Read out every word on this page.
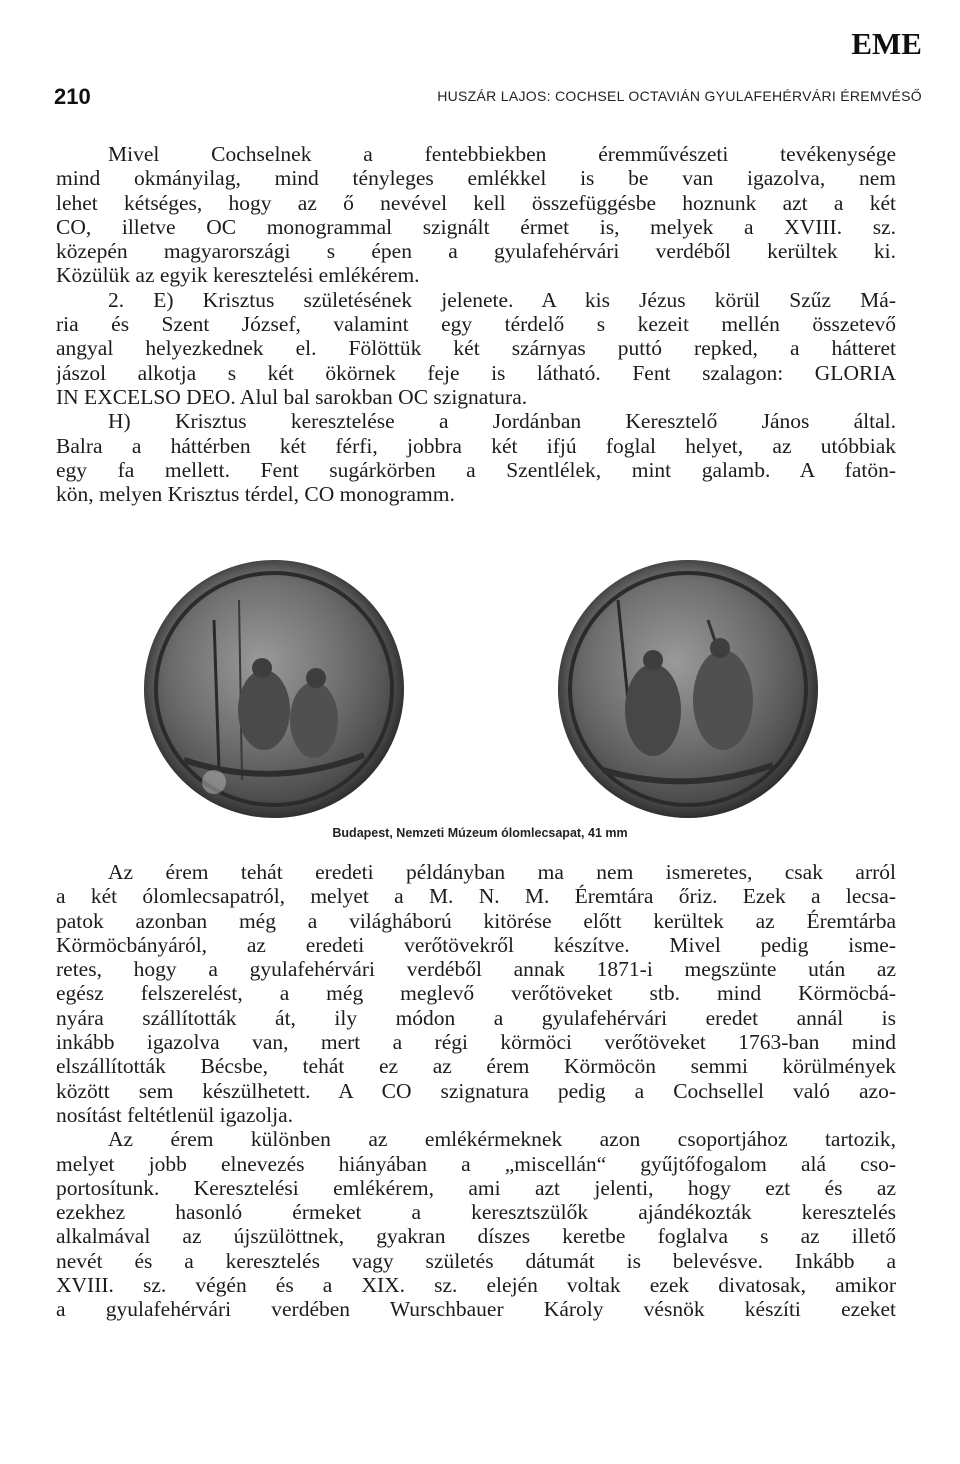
EME
210	HUSZÁR LAJOS: COCHSEL OCTAVIÁN GYULAFEHÉRVÁRI ÉREMVÉSŐ
Mivel Cochselnek a fentebbiekben éremművészeti tevékenysége
mind okmányilag, mind tényleges emlékkel is be van igazolva, nem
lehet kétséges, hogy az ő nevével kell összefüggésbe hoznunk azt a két
CO, illetve OC monogrammal szignált érmet is, melyek a XVIII. sz.
közepén magyarországi s épen a gyulafehérvári verdéből kerültek ki.
Közülük az egyik keresztelési emlékérem.
2. E) Krisztus születésének jelenete. A kis Jézus körül Szűz Má-
ria és Szent József, valamint egy térdelő s kezeit mellén összetevő
angyal helyezkednek el. Fölöttük két szárnyas puttó repked, a hátteret
jászol alkotja s két ökörnek feje is látható. Fent szalagon: GLORIA
IN EXCELSO DEO. Alul bal sarokban OC szignatura.
H) Krisztus keresztelése a Jordánban Keresztelő János által.
Balra a háttérben két férfi, jobbra két ifjú foglal helyet, az utóbbiak
egy fa mellett. Fent sugárkörben a Szentlélek, mint galamb. A fatön-
kön, melyen Krisztus térdel, CO monogramm.
Budapest, Nemzeti Múzeum ólomlecsapat, 41 mm
Az érem tehát eredeti példányban ma nem ismeretes, csak arról
a két ólomlecsapatról, melyet a M. N. M. Éremtára őriz. Ezek a lecsa-
patok azonban még a világháború kitörése előtt kerültek az Éremtárba
Körmöcbányáról, az eredeti verőtövekről készítve. Mivel pedig isme-
retes, hogy a gyulafehérvári verdéből annak 1871-i megszünte után az
egész felszerelést, a még meglevő verőtöveket stb. mind Körmöcbá-
nyára szállították át, ily módon a gyulafehérvári eredet annál is
inkább igazolva van, mert a régi körmöci verőtöveket 1763-ban mind
elszállították Bécsbe, tehát ez az érem Körmöcön semmi körülmények
között sem készülhetett. A CO szignatura pedig a Cochsellel való azo-
nosítást feltétlenül igazolja.
Az érem különben az emlékérmeknek azon csoportjához tartozik,
melyet jobb elnevezés hiányában a „miscellán“ gyűjtőfogalom alá cso-
portosítunk. Keresztelési emlékérem, ami azt jelenti, hogy ezt és az
ezekhez hasonló érmeket a keresztszülők ajándékozták keresztelés
alkalmával az újszülöttnek, gyakran díszes keretbe foglalva s az illető
nevét és a keresztelés vagy születés dátumát is belevésve. Inkább a
XVIII. sz. végén és a XIX. sz. elején voltak ezek divatosak, amikor
a gyulafehérvári verdében Wurschbauer Károly vésnök készíti ezeket
